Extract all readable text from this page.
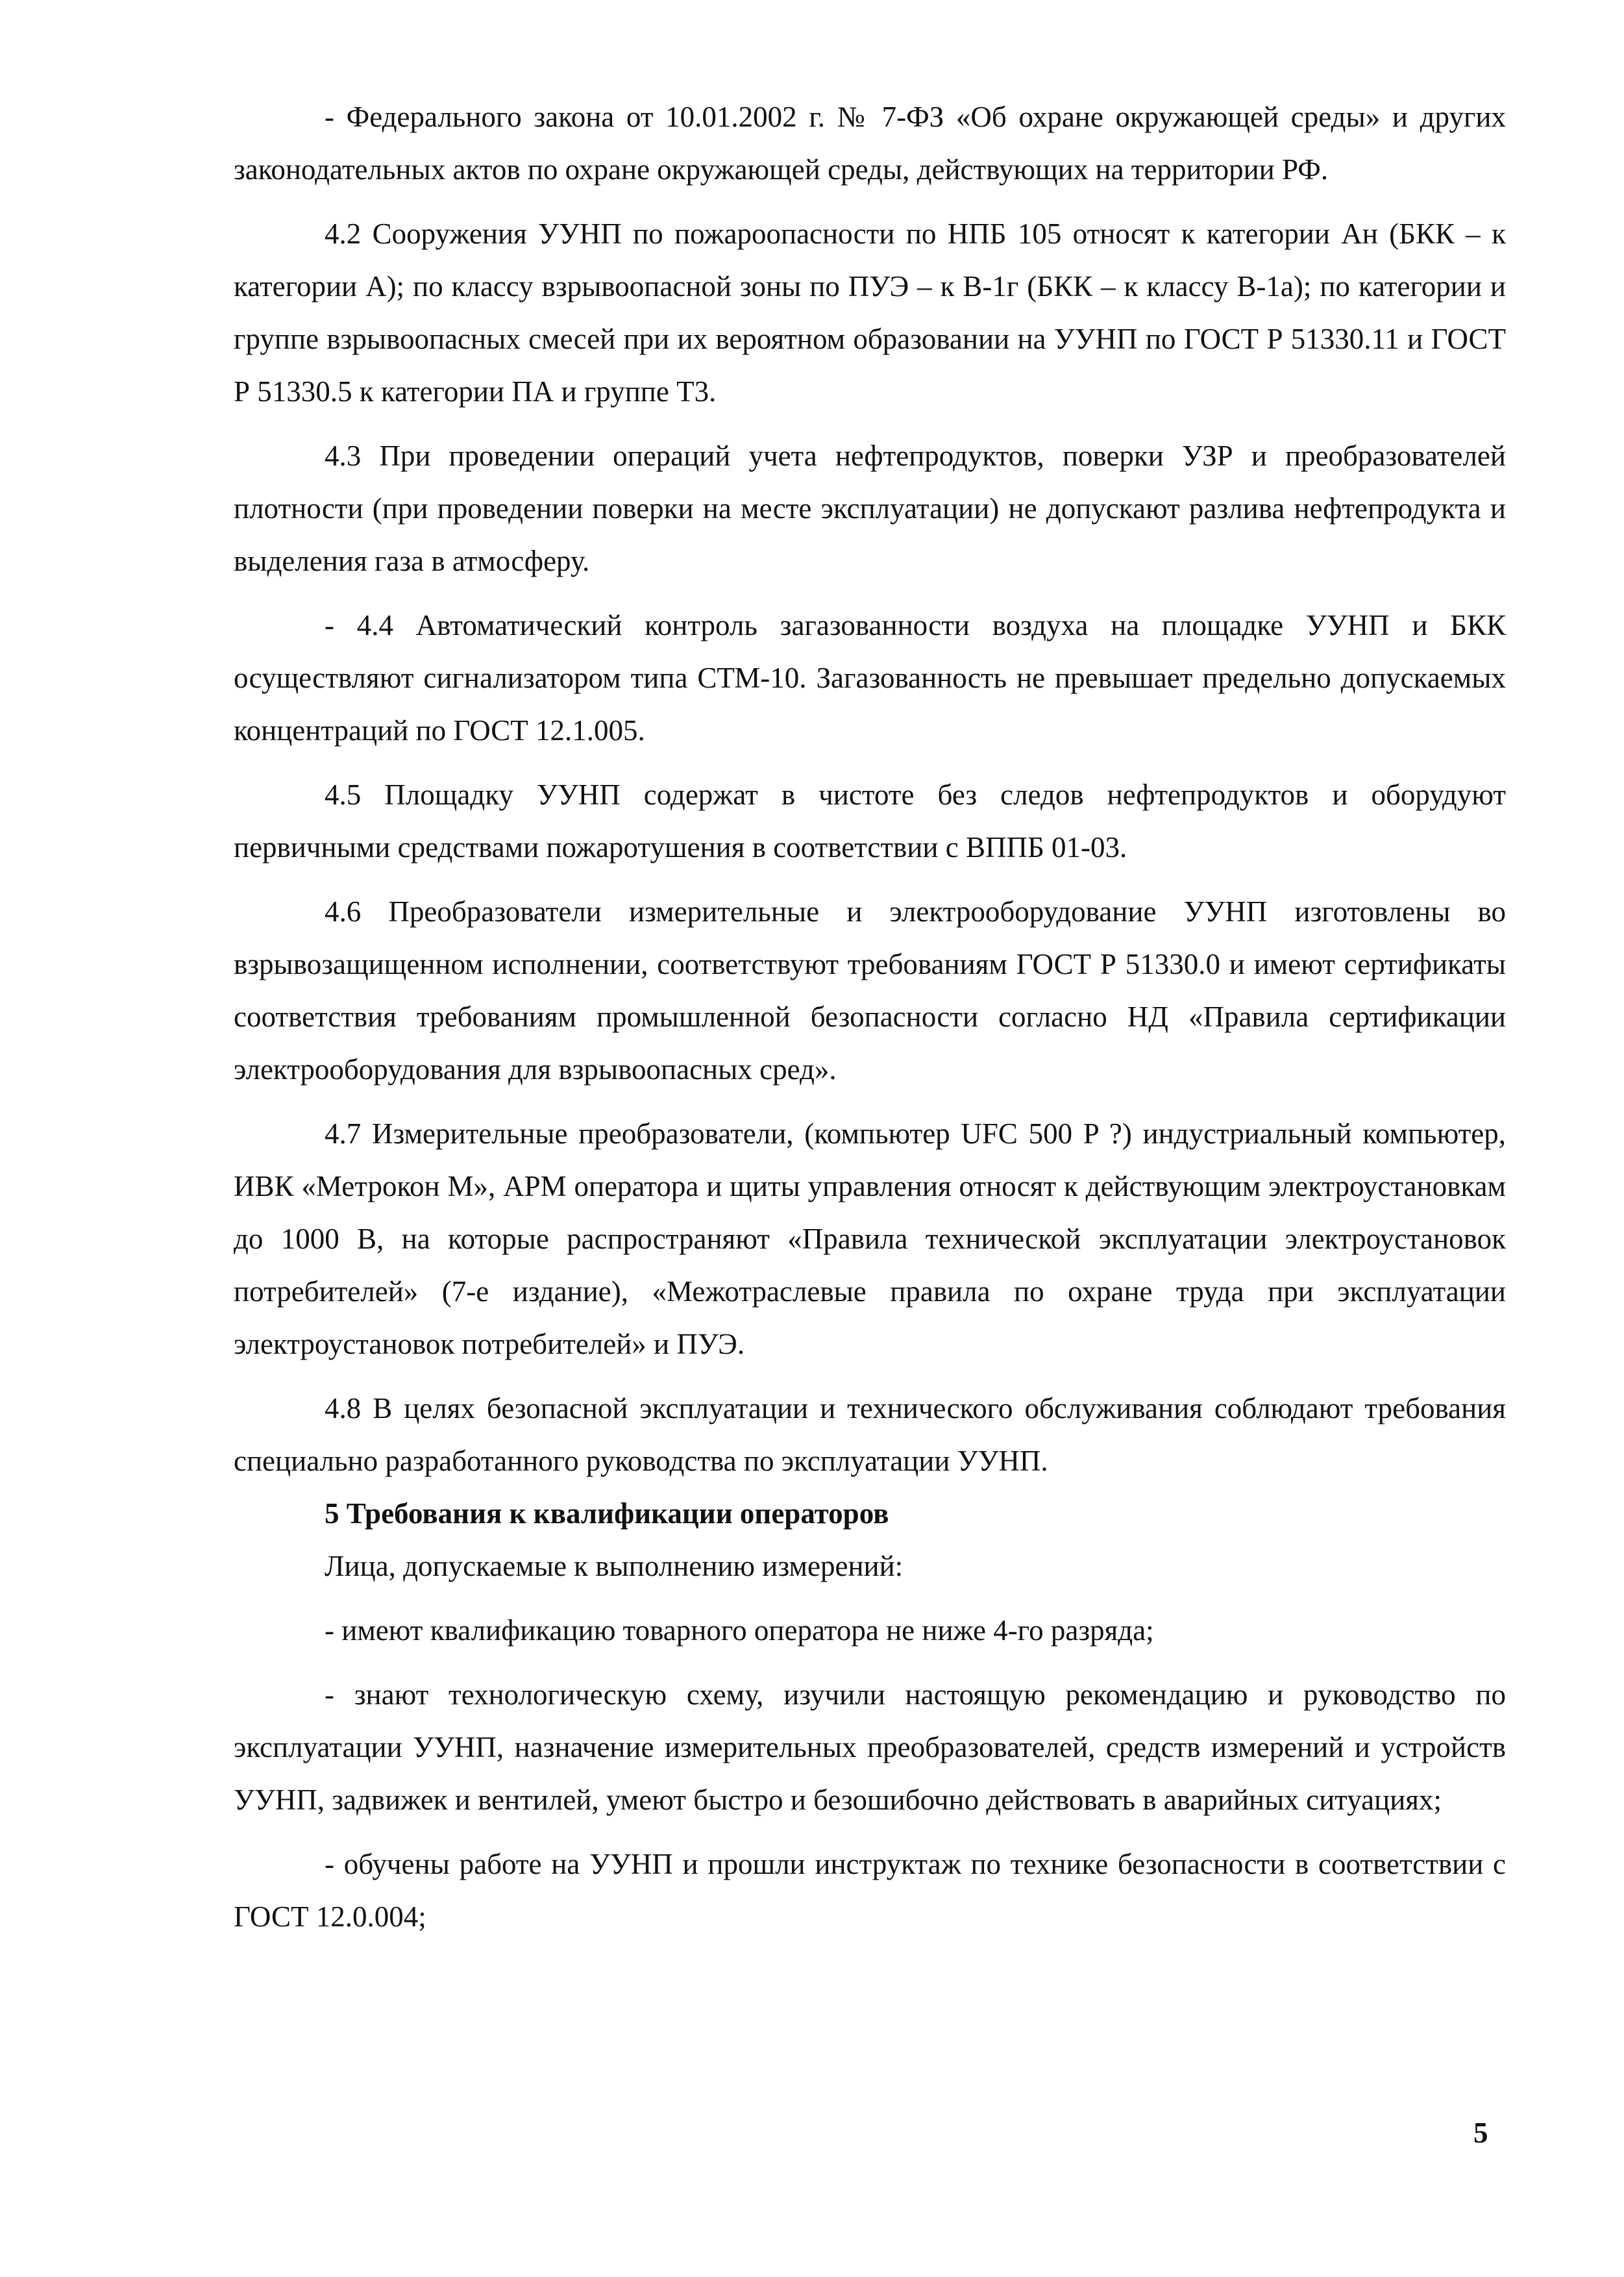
- Федерального закона от 10.01.2002 г. № 7-ФЗ «Об охране окружающей среды» и других законодательных актов по охране окружающей среды, действующих на территории РФ.

4.2 Сооружения УУНП по пожароопасности по НПБ 105 относят к категории Ан (БКК – к категории А); по классу взрывоопасной зоны по ПУЭ – к В-1г (БКК – к классу В-1а); по категории и группе взрывоопасных смесей при их вероятном образовании на УУНП по ГОСТ Р 51330.11 и ГОСТ Р 51330.5 к категории ПА и группе Т3.

4.3 При проведении операций учета нефтепродуктов, поверки УЗР и преобразователей плотности (при проведении поверки на месте эксплуатации) не допускают разлива нефтепродукта и выделения газа в атмосферу.

- 4.4 Автоматический контроль загазованности воздуха на площадке УУНП и БКК осуществляют сигнализатором типа СТМ-10. Загазованность не превышает предельно допускаемых концентраций по ГОСТ 12.1.005.

4.5 Площадку УУНП содержат в чистоте без следов нефтепродуктов и оборудуют первичными средствами пожаротушения в соответствии с ВППБ 01-03.

4.6 Преобразователи измерительные и электрооборудование УУНП изготовлены во взрывозащищенном исполнении, соответствуют требованиям ГОСТ Р 51330.0 и имеют сертификаты соответствия требованиям промышленной безопасности согласно НД «Правила сертификации электрооборудования для взрывоопасных сред».

4.7 Измерительные преобразователи, (компьютер UFC 500 P ?) индустриальный компьютер, ИВК «Метрокон М», АРМ оператора и щиты управления относят к действующим электроустановкам до 1000 В, на которые распространяют «Правила технической эксплуатации электроустановок потребителей» (7-е издание), «Межотраслевые правила по охране труда при эксплуатации электроустановок потребителей» и ПУЭ.

4.8 В целях безопасной эксплуатации и технического обслуживания соблюдают требования специально разработанного руководства по эксплуатации УУНП.

5 Требования к квалификации операторов

Лица, допускаемые к выполнению измерений:

- имеют квалификацию товарного оператора не ниже 4-го разряда;

- знают технологическую схему, изучили настоящую рекомендацию и руководство по эксплуатации УУНП, назначение измерительных преобразователей, средств измерений и устройств УУНП, задвижек и вентилей, умеют быстро и безошибочно действовать в аварийных ситуациях;

- обучены работе на УУНП и прошли инструктаж по технике безопасности в соответствии с ГОСТ 12.0.004;

5
